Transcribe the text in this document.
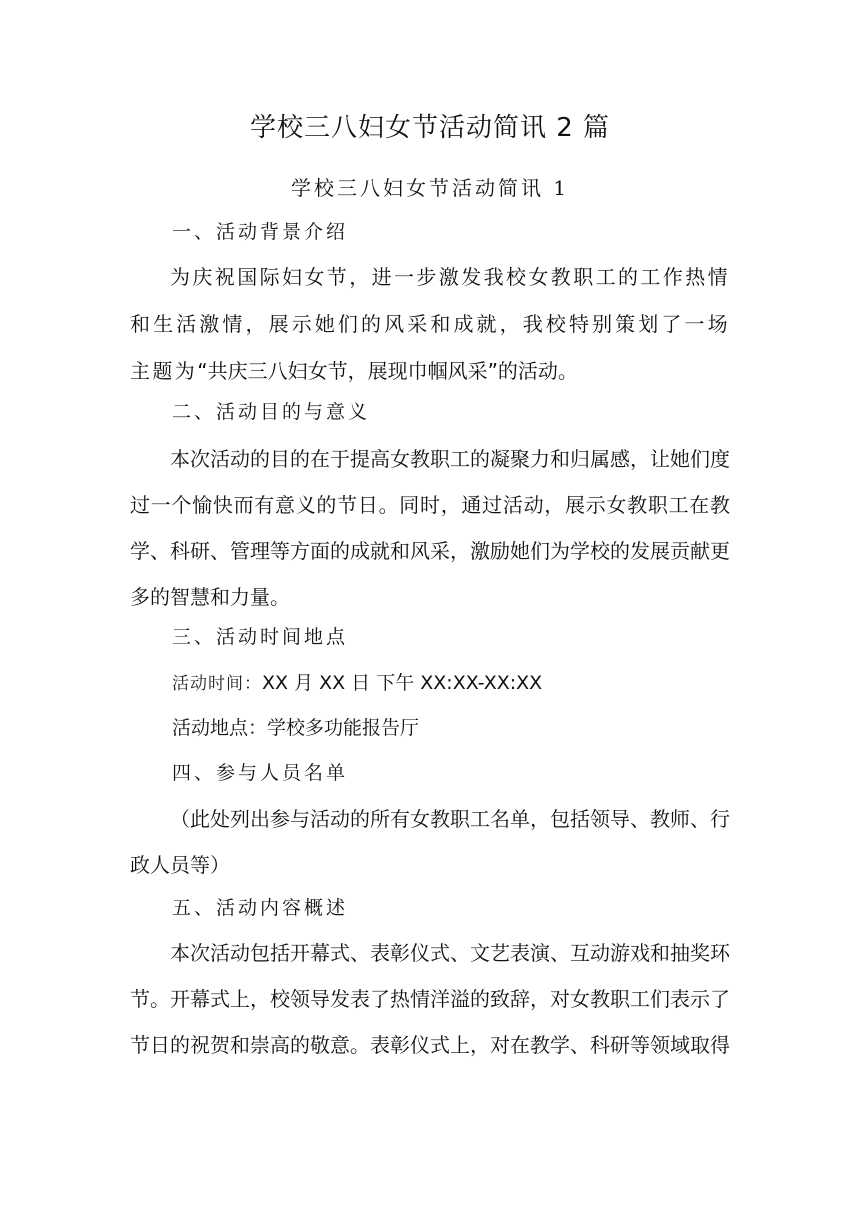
学校三八妇女节活动简讯 2 篇
学校三八妇女节活动简讯 1
一、活动背景介绍
为庆祝国际妇女节，进一步激发我校女教职工的工作热情和生活激情，展示她们的风采和成就，我校特别策划了一场主题为“共庆三八妇女节，展现巾帼风采”的活动。
二、活动目的与意义
本次活动的目的在于提高女教职工的凝聚力和归属感，让她们度过一个愉快而有意义的节日。同时，通过活动，展示女教职工在教学、科研、管理等方面的成就和风采，激励她们为学校的发展贡献更多的智慧和力量。
三、活动时间地点
活动时间：XX 月 XX 日 下午 XX:XX-XX:XX
活动地点：学校多功能报告厅
四、参与人员名单
（此处列出参与活动的所有女教职工名单，包括领导、教师、行政人员等）
五、活动内容概述
本次活动包括开幕式、表彰仪式、文艺表演、互动游戏和抽奖环节。开幕式上，校领导发表了热情洋溢的致辞，对女教职工们表示了节日的祝贺和崇高的敬意。表彰仪式上，对在教学、科研等领域取得
